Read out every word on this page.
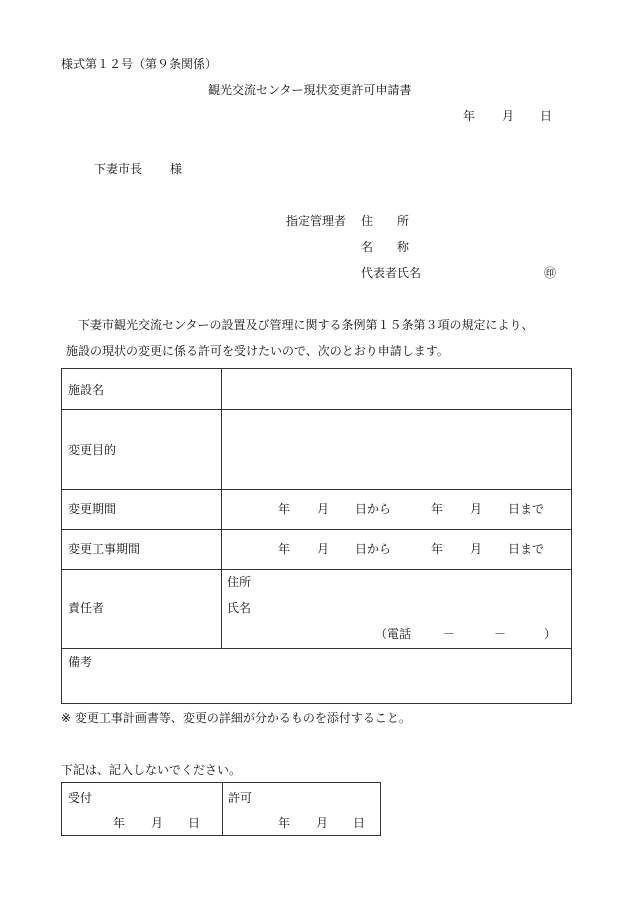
様式第１２号（第９条関係）
観光交流センター現状変更許可申請書
年 月 日
下妻市長 様
指定管理者 住　　所
名　　称
代表者氏名	㊞
下妻市観光交流センターの設置及び管理に関する条例第１５条第３項の規定により、
施設の現状の変更に係る許可を受けたいので、次のとおり申請します。
施設名
変更目的
変更期間	年 月 日から	年 月 日まで
変更工事期間	年 月 日から	年 月 日まで
責任者
住所
氏名
（電話	－	－	）
備考
※ 変更工事計画書等、変更の詳細が分かるものを添付すること。
下記は、記入しないでください。
受付
年 月 日
許可
年 月 日
